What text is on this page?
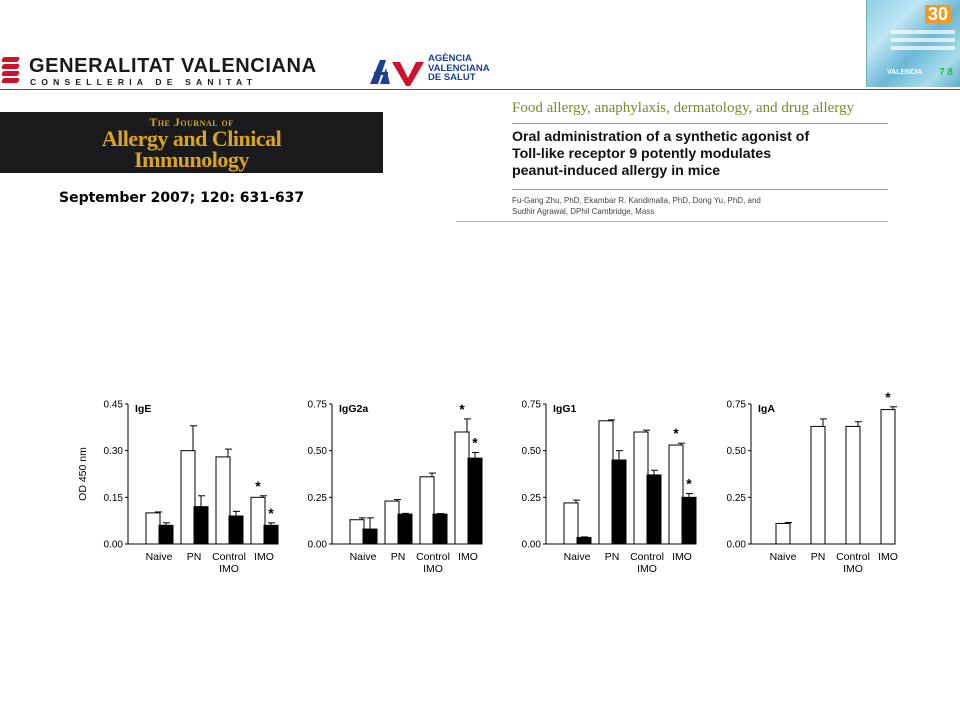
GENERALITAT VALENCIANA
CONSELLERIA DE SANITAT
AGÈNCIA
VALENCIANA
DE SALUT
30
VALENCIA 7 8
The Journal of
Allergy and Clinical
Immunology
September 2007; 120: 631-637
Food allergy, anaphylaxis, dermatology, and drug allergy
Oral administration of a synthetic agonist of
Toll-like receptor 9 potently modulates
peanut-induced allergy in mice
Fu-Gang Zhu, PhD, Ekambar R. Kandimalla, PhD, Dong Yu, PhD, and
Sudhir Agrawal, DPhil Cambridge, Mass
0.00
0.15
0.30
0.45 IgE
OD 450 nm
Naive PN Control
IMO
*
*
IMO
0.00
0.25
0.50
0.75 IgG2a
Naive PN Control
IMO
*
*
IMO
0.00
0.25
0.50
0.75 IgG1
Naive PN Control
IMO
*
*
IMO
0.00
0.25
0.50
0.75 IgA
Naive PN Control
IMO
*
IMO
